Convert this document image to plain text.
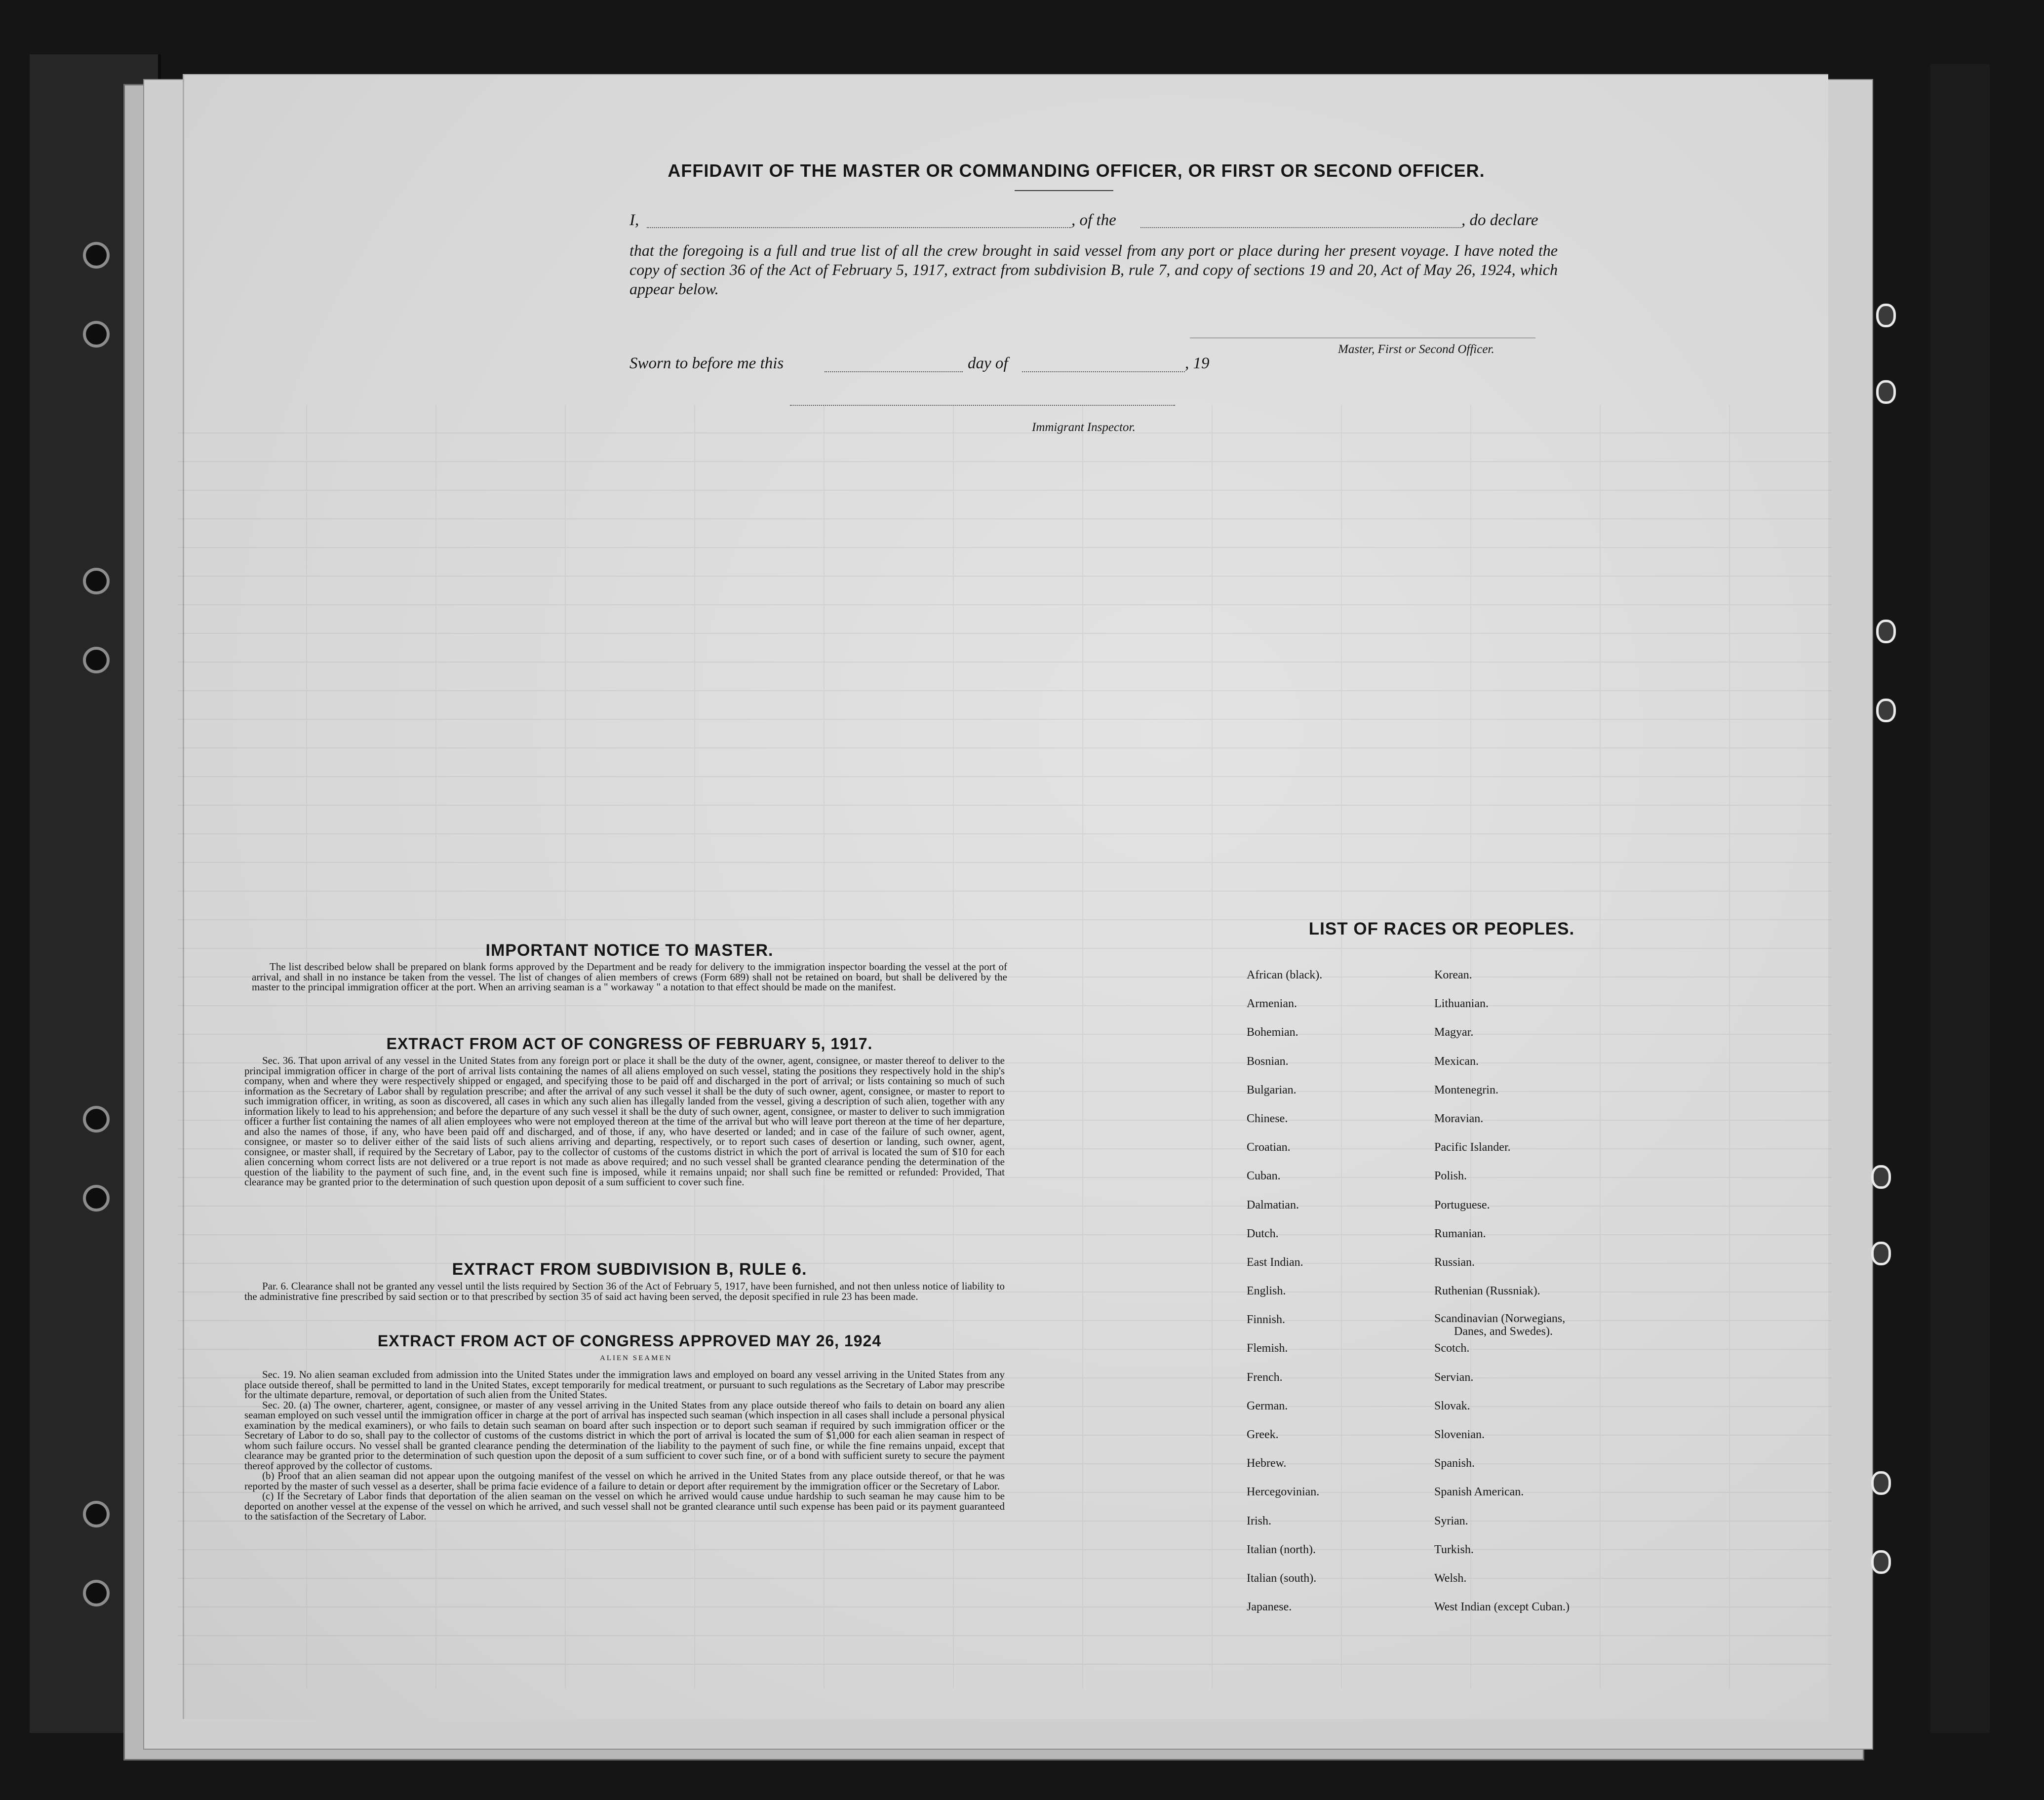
AFFIDAVIT OF THE MASTER OR COMMANDING OFFICER, OR FIRST OR SECOND OFFICER.
I,	, of the	, do declare
that the foregoing is a full and true list of all the crew brought in said vessel from any port or place during her present voyage. I have noted the copy of section 36 of the Act of February 5, 1917, extract from subdivision B, rule 7, and copy of sections 19 and 20, Act of May 26, 1924, which appear below.
Master, First or Second Officer.
Sworn to before me this	day of	, 19
Immigrant Inspector.
IMPORTANT NOTICE TO MASTER.

The list described below shall be prepared on blank forms approved by the Department and be ready for delivery to the immigration inspector boarding the vessel at the port of arrival, and shall in no instance be taken from the vessel. The list of changes of alien members of crews (Form 689) shall not be retained on board, but shall be delivered by the master to the principal immigration officer at the port. When an arriving seaman is a " workaway " a notation to that effect should be made on the manifest.

EXTRACT FROM ACT OF CONGRESS OF FEBRUARY 5, 1917.

Sec. 36. That upon arrival of any vessel in the United States from any foreign port or place it shall be the duty of the owner, agent, consignee, or master thereof to deliver to the principal immigration officer in charge of the port of arrival lists containing the names of all aliens employed on such vessel, stating the positions they respectively hold in the ship's company, when and where they were respectively shipped or engaged, and specifying those to be paid off and discharged in the port of arrival; or lists containing so much of such information as the Secretary of Labor shall by regulation prescribe; and after the arrival of any such vessel it shall be the duty of such owner, agent, consignee, or master to report to such immigration officer, in writing, as soon as discovered, all cases in which any such alien has illegally landed from the vessel, giving a description of such alien, together with any information likely to lead to his apprehension; and before the departure of any such vessel it shall be the duty of such owner, agent, consignee, or master to deliver to such immigration officer a further list containing the names of all alien employees who were not employed thereon at the time of the arrival but who will leave port thereon at the time of her departure, and also the names of those, if any, who have been paid off and discharged, and of those, if any, who have deserted or landed; and in case of the failure of such owner, agent, consignee, or master so to deliver either of the said lists of such aliens arriving and departing, respectively, or to report such cases of desertion or landing, such owner, agent, consignee, or master shall, if required by the Secretary of Labor, pay to the collector of customs of the customs district in which the port of arrival is located the sum of $10 for each alien concerning whom correct lists are not delivered or a true report is not made as above required; and no such vessel shall be granted clearance pending the determination of the question of the liability to the payment of such fine, and, in the event such fine is imposed, while it remains unpaid; nor shall such fine be remitted or refunded: Provided, That clearance may be granted prior to the determination of such question upon deposit of a sum sufficient to cover such fine.

EXTRACT FROM SUBDIVISION B, RULE 6.

Par. 6. Clearance shall not be granted any vessel until the lists required by Section 36 of the Act of February 5, 1917, have been furnished, and not then unless notice of liability to the administrative fine prescribed by said section or to that prescribed by section 35 of said act having been served, the deposit specified in rule 23 has been made.

EXTRACT FROM ACT OF CONGRESS APPROVED MAY 26, 1924
ALIEN SEAMEN

Sec. 19. No alien seaman excluded from admission into the United States under the immigration laws and employed on board any vessel arriving in the United States from any place outside thereof, shall be permitted to land in the United States, except temporarily for medical treatment, or pursuant to such regulations as the Secretary of Labor may prescribe for the ultimate departure, removal, or deportation of such alien from the United States.

Sec. 20. (a) The owner, charterer, agent, consignee, or master of any vessel arriving in the United States from any place outside thereof who fails to detain on board any alien seaman employed on such vessel until the immigration officer in charge at the port of arrival has inspected such seaman (which inspection in all cases shall include a personal physical examination by the medical examiners), or who fails to detain such seaman on board after such inspection or to deport such seaman if required by such immigration officer or the Secretary of Labor to do so, shall pay to the collector of customs of the customs district in which the port of arrival is located the sum of $1,000 for each alien seaman in respect of whom such failure occurs. No vessel shall be granted clearance pending the determination of the liability to the payment of such fine, or while the fine remains unpaid, except that clearance may be granted prior to the determination of such question upon the deposit of a sum sufficient to cover such fine, or of a bond with sufficient surety to secure the payment thereof approved by the collector of customs.

(b) Proof that an alien seaman did not appear upon the outgoing manifest of the vessel on which he arrived in the United States from any place outside thereof, or that he was reported by the master of such vessel as a deserter, shall be prima facie evidence of a failure to detain or deport after requirement by the immigration officer or the Secretary of Labor.

(c) If the Secretary of Labor finds that deportation of the alien seaman on the vessel on which he arrived would cause undue hardship to such seaman he may cause him to be deported on another vessel at the expense of the vessel on which he arrived, and such vessel shall not be granted clearance until such expense has been paid or its payment guaranteed to the satisfaction of the Secretary of Labor.

LIST OF RACES OR PEOPLES.
African (black).
Armenian.
Bohemian.
Bosnian.
Bulgarian.
Chinese.
Croatian.
Cuban.
Dalmatian.
Dutch.
East Indian.
English.
Finnish.
Flemish.
French.
German.
Greek.
Hebrew.
Hercegovinian.
Irish.
Italian (north).
Italian (south).
Japanese.
Korean.
Lithuanian.
Magyar.
Mexican.
Montenegrin.
Moravian.
Pacific Islander.
Polish.
Portuguese.
Rumanian.
Russian.
Ruthenian (Russniak).
Scandinavian (Norwegians,
Danes, and Swedes).
Scotch.
Servian.
Slovak.
Slovenian.
Spanish.
Spanish American.
Syrian.
Turkish.
Welsh.
West Indian (except Cuban.)
